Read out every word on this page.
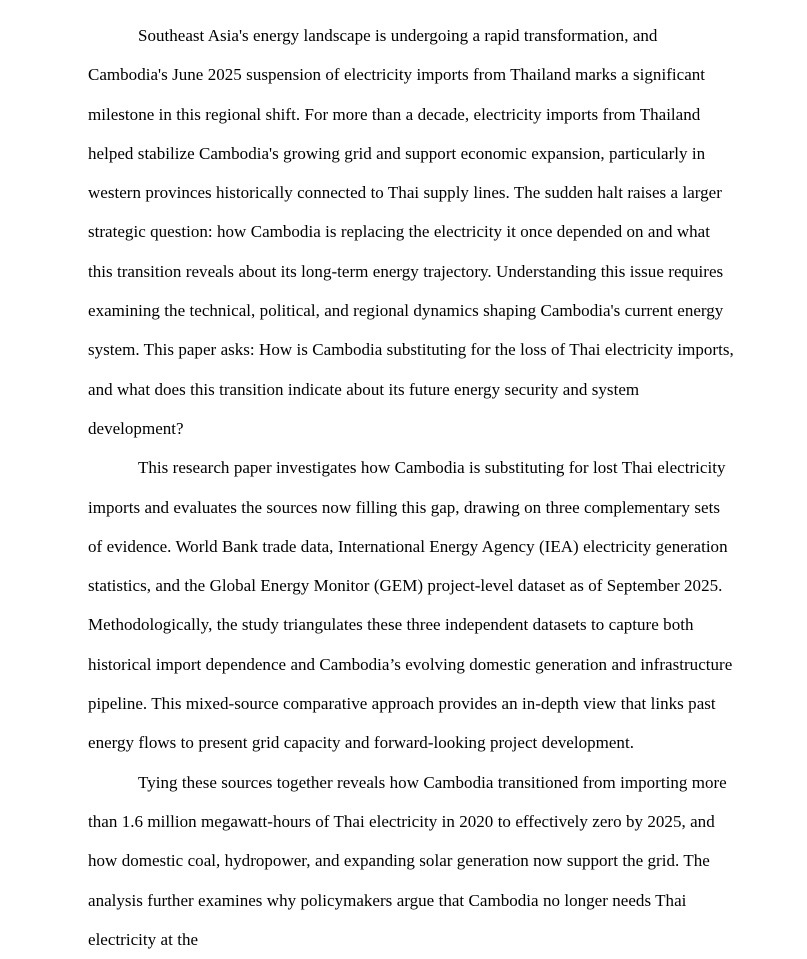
Southeast Asia's energy landscape is undergoing a rapid transformation, and Cambodia's June 2025 suspension of electricity imports from Thailand marks a significant milestone in this regional shift. For more than a decade, electricity imports from Thailand helped stabilize Cambodia's growing grid and support economic expansion, particularly in western provinces historically connected to Thai supply lines. The sudden halt raises a larger strategic question: how Cambodia is replacing the electricity it once depended on and what this transition reveals about its long-term energy trajectory. Understanding this issue requires examining the technical, political, and regional dynamics shaping Cambodia's current energy system. This paper asks: How is Cambodia substituting for the loss of Thai electricity imports, and what does this transition indicate about its future energy security and system development?

This research paper investigates how Cambodia is substituting for lost Thai electricity imports and evaluates the sources now filling this gap, drawing on three complementary sets of evidence. World Bank trade data, International Energy Agency (IEA) electricity generation statistics, and the Global Energy Monitor (GEM) project-level dataset as of September 2025. Methodologically, the study triangulates these three independent datasets to capture both historical import dependence and Cambodia’s evolving domestic generation and infrastructure pipeline. This mixed-source comparative approach provides an in-depth view that links past energy flows to present grid capacity and forward-looking project development.

Tying these sources together reveals how Cambodia transitioned from importing more than 1.6 million megawatt-hours of Thai electricity in 2020 to effectively zero by 2025, and how domestic coal, hydropower, and expanding solar generation now support the grid. The analysis further examines why policymakers argue that Cambodia no longer needs Thai electricity at the
